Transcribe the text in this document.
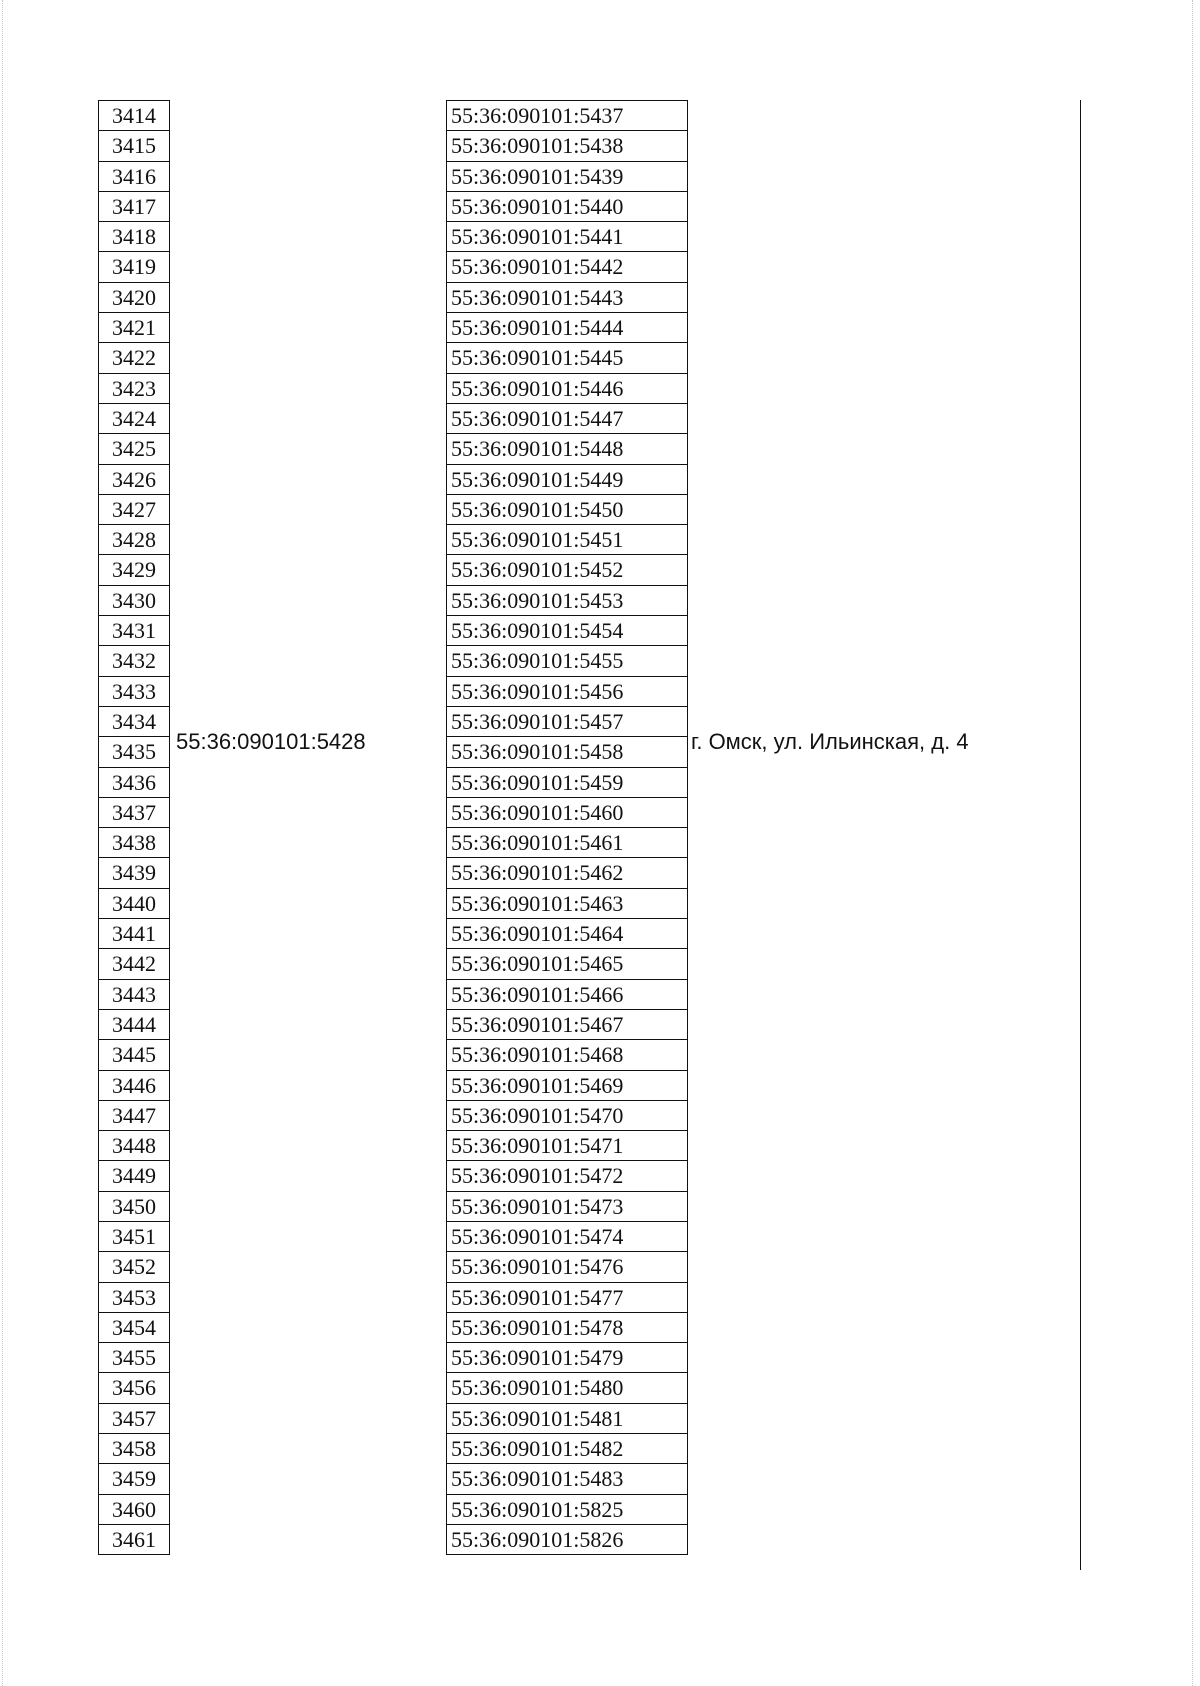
3414
3415
3416
3417
3418
3419
3420
3421
3422
3423
3424
3425
3426
3427
3428
3429
3430
3431
3432
3433
3434
3435
3436
3437
3438
3439
3440
3441
3442
3443
3444
3445
3446
3447
3448
3449
3450
3451
3452
3453
3454
3455
3456
3457
3458
3459
3460
3461
55:36:090101:5428
55:36:090101:5437
55:36:090101:5438
55:36:090101:5439
55:36:090101:5440
55:36:090101:5441
55:36:090101:5442
55:36:090101:5443
55:36:090101:5444
55:36:090101:5445
55:36:090101:5446
55:36:090101:5447
55:36:090101:5448
55:36:090101:5449
55:36:090101:5450
55:36:090101:5451
55:36:090101:5452
55:36:090101:5453
55:36:090101:5454
55:36:090101:5455
55:36:090101:5456
55:36:090101:5457
55:36:090101:5458
55:36:090101:5459
55:36:090101:5460
55:36:090101:5461
55:36:090101:5462
55:36:090101:5463
55:36:090101:5464
55:36:090101:5465
55:36:090101:5466
55:36:090101:5467
55:36:090101:5468
55:36:090101:5469
55:36:090101:5470
55:36:090101:5471
55:36:090101:5472
55:36:090101:5473
55:36:090101:5474
55:36:090101:5476
55:36:090101:5477
55:36:090101:5478
55:36:090101:5479
55:36:090101:5480
55:36:090101:5481
55:36:090101:5482
55:36:090101:5483
55:36:090101:5825
55:36:090101:5826
г. Омск, ул. Ильинская, д. 4
